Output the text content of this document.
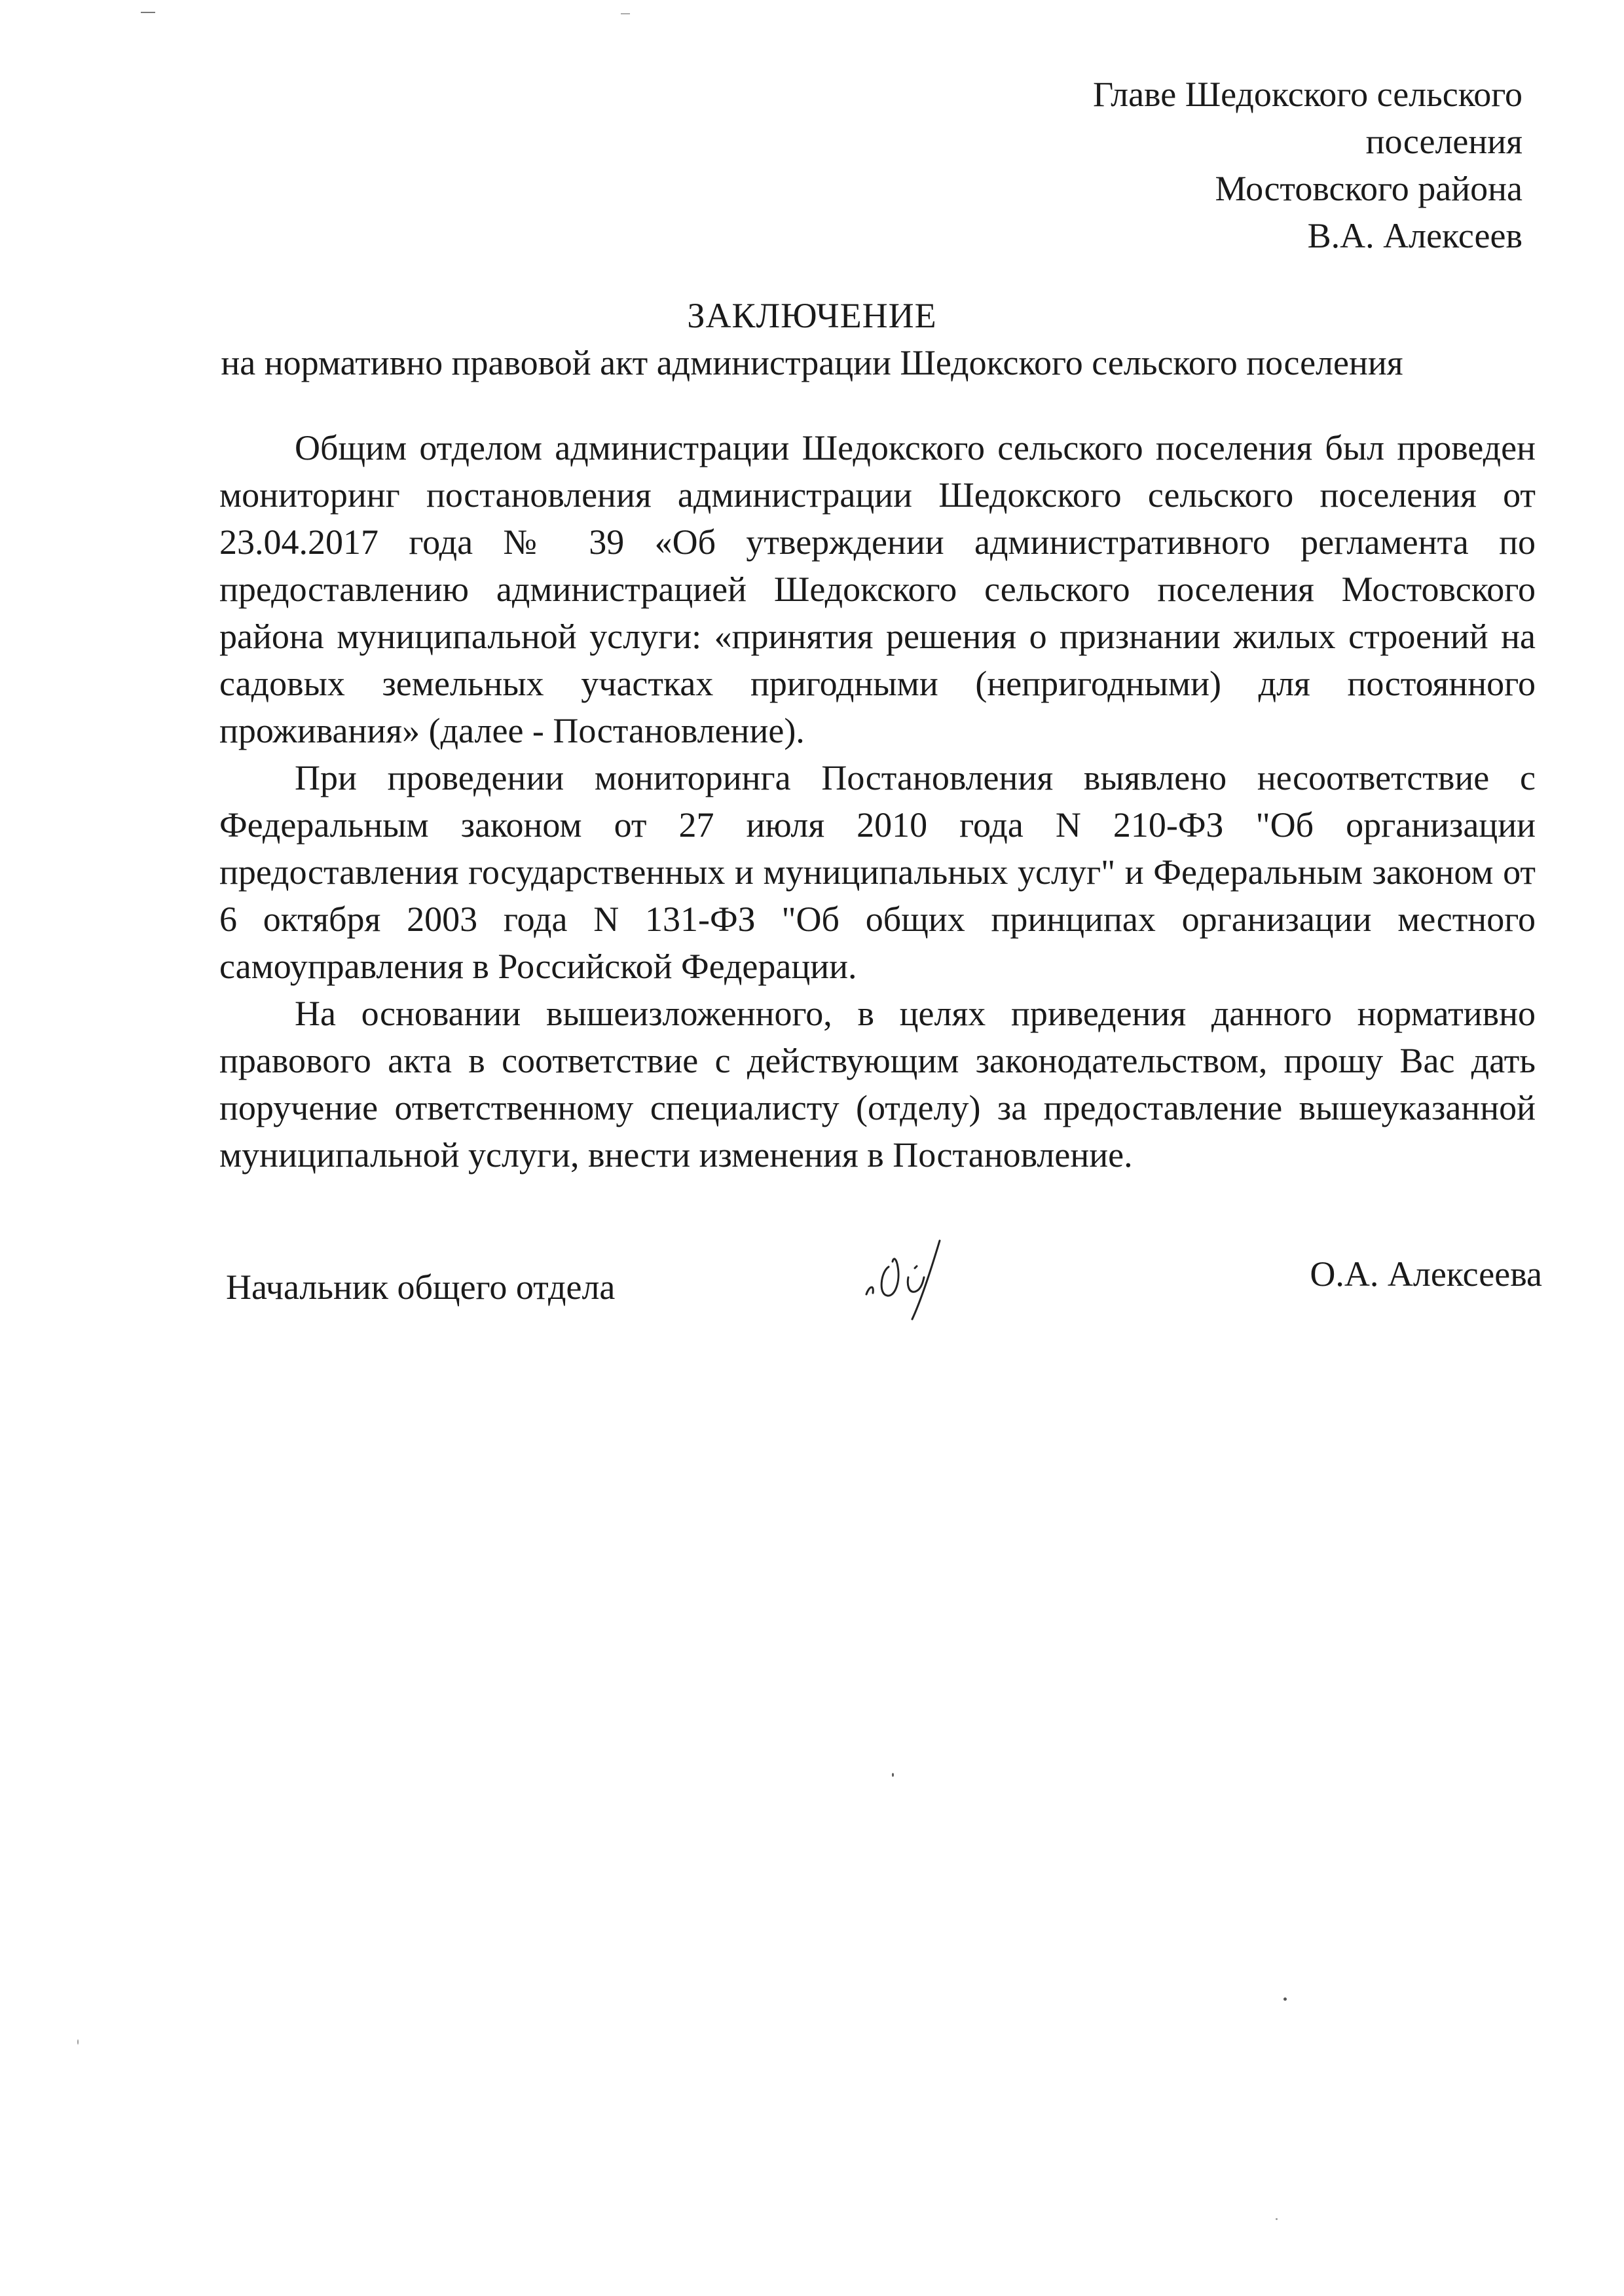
Главе Шедокского сельского
поселения
Мостовского района
В.А. Алексеев
ЗАКЛЮЧЕНИЕ
на нормативно правовой акт администрации Шедокского сельского поселения

Общим отделом администрации Шедокского сельского поселения был проведен мониторинг постановления администрации Шедокского сельского поселения от 23.04.2017 года № 39 «Об утверждении административного регламента по предоставлению администрацией Шедокского сельского поселения Мостовского района муниципальной услуги: «принятия решения о признании жилых строений на садовых земельных участках пригодными (непригодными) для постоянного проживания» (далее - Постановление).

При проведении мониторинга Постановления выявлено несоответствие с Федеральным законом от 27 июля 2010 года N 210-ФЗ "Об организации предоставления государственных и муниципальных услуг" и Федеральным законом от 6 октября 2003 года N 131-ФЗ "Об общих принципах организации местного самоуправления в Российской Федерации.

На основании вышеизложенного, в целях приведения данного нормативно правового акта в соответствие с действующим законодательством, прошу Вас дать поручение ответственному специалисту (отделу) за предоставление вышеуказанной муниципальной услуги, внести изменения в Постановление.

Начальник общего отдела	О.А. Алексеева
